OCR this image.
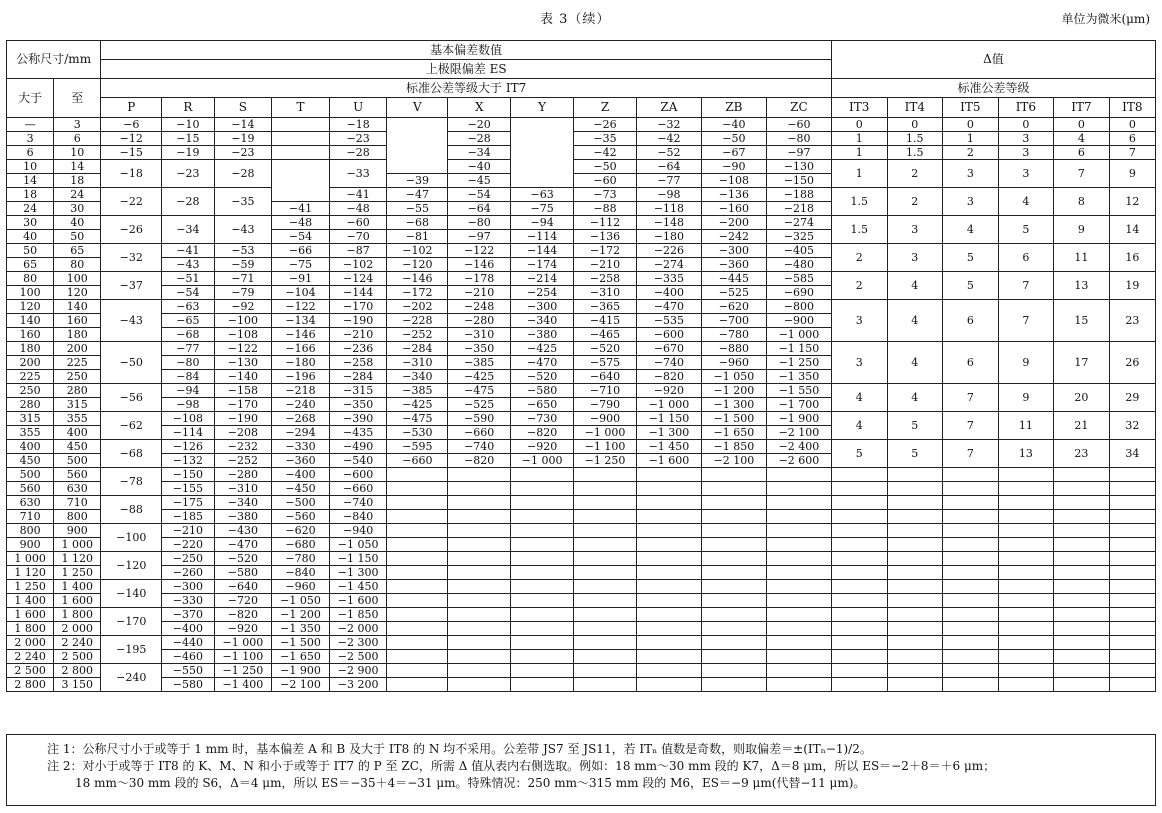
表 3（续）	单位为微米(μm)
公称尺寸/mm		基本偏差数值												Δ值					
		上极限偏差 ES																	
大于	至	标准公差等级大于 IT7												标准公差等级					
		P	R	S	T	U	V	X	Y	Z	ZA	ZB	ZC	IT3	IT4	IT5	IT6	IT7	IT8
—	3	−6	−10	−14		−18		−20		−26	−32	−40	−60	0	0	0	0	0	0
3	6	−12	−15	−19		−23		−28		−35	−42	−50	−80	1	1.5	1	3	4	6
6	10	−15	−19	−23		−28		−34		−42	−52	−67	−97	1	1.5	2	3	6	7
10	14	−18	−23	−28		−33		−40		−50	−64	−90	−130	1	2	3	3	7	9
14	18						−39	−45		−60	−77	−108	−150						
18	24	−22	−28	−35		−41	−47	−54	−63	−73	−98	−136	−188	1.5	2	3	4	8	12
24	30				−41	−48	−55	−64	−75	−88	−118	−160	−218						
30	40	−26	−34	−43	−48	−60	−68	−80	−94	−112	−148	−200	−274	1.5	3	4	5	9	14
40	50				−54	−70	−81	−97	−114	−136	−180	−242	−325						
50	65	−32	−41	−53	−66	−87	−102	−122	−144	−172	−226	−300	−405	2	3	5	6	11	16
65	80		−43	−59	−75	−102	−120	−146	−174	−210	−274	−360	−480						
80	100	−37	−51	−71	−91	−124	−146	−178	−214	−258	−335	−445	−585	2	4	5	7	13	19
100	120		−54	−79	−104	−144	−172	−210	−254	−310	−400	−525	−690						
120	140	−43	−63	−92	−122	−170	−202	−248	−300	−365	−470	−620	−800	3	4	6	7	15	23
140	160		−65	−100	−134	−190	−228	−280	−340	−415	−535	−700	−900						
160	180		−68	−108	−146	−210	−252	−310	−380	−465	−600	−780	−1 000						
180	200	−50	−77	−122	−166	−236	−284	−350	−425	−520	−670	−880	−1 150	3	4	6	9	17	26
200	225		−80	−130	−180	−258	−310	−385	−470	−575	−740	−960	−1 250						
225	250		−84	−140	−196	−284	−340	−425	−520	−640	−820	−1 050	−1 350						
250	280	−56	−94	−158	−218	−315	−385	−475	−580	−710	−920	−1 200	−1 550	4	4	7	9	20	29
280	315		−98	−170	−240	−350	−425	−525	−650	−790	−1 000	−1 300	−1 700						
315	355	−62	−108	−190	−268	−390	−475	−590	−730	−900	−1 150	−1 500	−1 900	4	5	7	11	21	32
355	400		−114	−208	−294	−435	−530	−660	−820	−1 000	−1 300	−1 650	−2 100						
400	450	−68	−126	−232	−330	−490	−595	−740	−920	−1 100	−1 450	−1 850	−2 400	5	5	7	13	23	34
450	500		−132	−252	−360	−540	−660	−820	−1 000	−1 250	−1 600	−2 100	−2 600						
500	560	−78	−150	−280	−400	−600													
560	630		−155	−310	−450	−660													
630	710	−88	−175	−340	−500	−740													
710	800		−185	−380	−560	−840													
800	900	−100	−210	−430	−620	−940													
900	1 000		−220	−470	−680	−1 050													
1 000	1 120	−120	−250	−520	−780	−1 150													
1 120	1 250		−260	−580	−840	−1 300													
1 250	1 400	−140	−300	−640	−960	−1 450													
1 400	1 600		−330	−720	−1 050	−1 600													
1 600	1 800	−170	−370	−820	−1 200	−1 850													
1 800	2 000		−400	−920	−1 350	−2 000													
2 000	2 240	−195	−440	−1 000	−1 500	−2 300													
2 240	2 500		−460	−1 100	−1 650	−2 500													
2 500	2 800	−240	−550	−1 250	−1 900	−2 900													
2 800	3 150		−580	−1 400	−2 100	−3 200													
注 1：公称尺寸小于或等于 1 mm 时，基本偏差 A 和 B 及大于 IT8 的 N 均不采用。公差带 JS7 至 JS11，若 ITₙ 值数是奇数，则取偏差＝±(ITₙ−1)/2。
注 2：对小于或等于 IT8 的 K、M、N 和小于或等于 IT7 的 P 至 ZC，所需 Δ 值从表内右侧选取。例如：18 mm～30 mm 段的 K7，Δ＝8 μm，所以 ES＝−2＋8＝＋6 μm；
18 mm～30 mm 段的 S6，Δ＝4 μm，所以 ES＝−35＋4＝−31 μm。特殊情况：250 mm～315 mm 段的 M6，ES＝−9 μm(代替−11 μm)。
